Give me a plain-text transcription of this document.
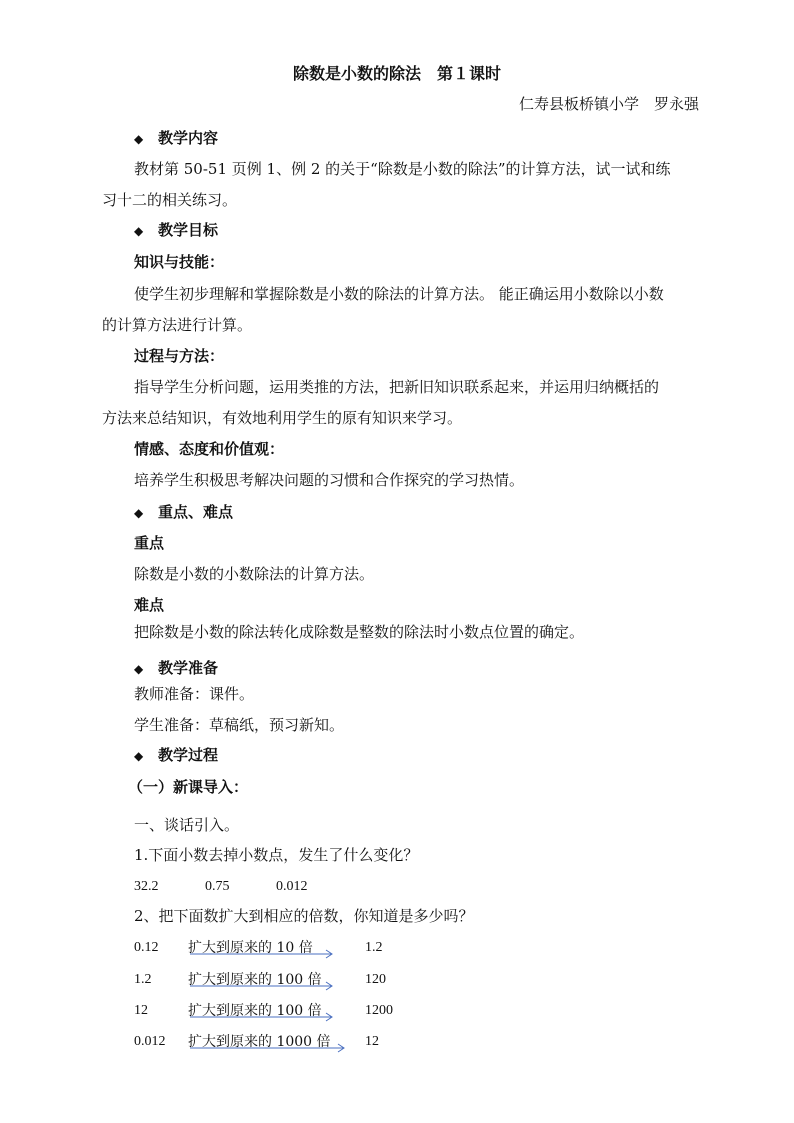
除数是小数的除法　第１课时
仁寿县板桥镇小学　罗永强
◆ 教学内容
教材第 50-51 页例 1、例 2 的关于“除数是小数的除法”的计算方法，试一试和练
习十二的相关练习。
◆ 教学目标
知识与技能：
使学生初步理解和掌握除数是小数的除法的计算方法。 能正确运用小数除以小数
的计算方法进行计算。
过程与方法：
指导学生分析问题，运用类推的方法，把新旧知识联系起来，并运用归纳概括的
方法来总结知识，有效地利用学生的原有知识来学习。
情感、态度和价值观：
培养学生积极思考解决问题的习惯和合作探究的学习热情。
◆ 重点、难点
重点
除数是小数的小数除法的计算方法。
难点
把除数是小数的除法转化成除数是整数的除法时小数点位置的确定。
◆ 教学准备
教师准备：课件。
学生准备：草稿纸，预习新知。
◆ 教学过程
（一）新课导入：
一、谈话引入。
1.下面小数去掉小数点，发生了什么变化？
32.2	0.75	0.012
2、把下面数扩大到相应的倍数，你知道是多少吗？
0.12 扩大到原来的 10 倍	1.2
1.2	扩大到原来的 100 倍	120
12	扩大到原来的 100 倍	1200
0.012 扩大到原来的 1000 倍 12
